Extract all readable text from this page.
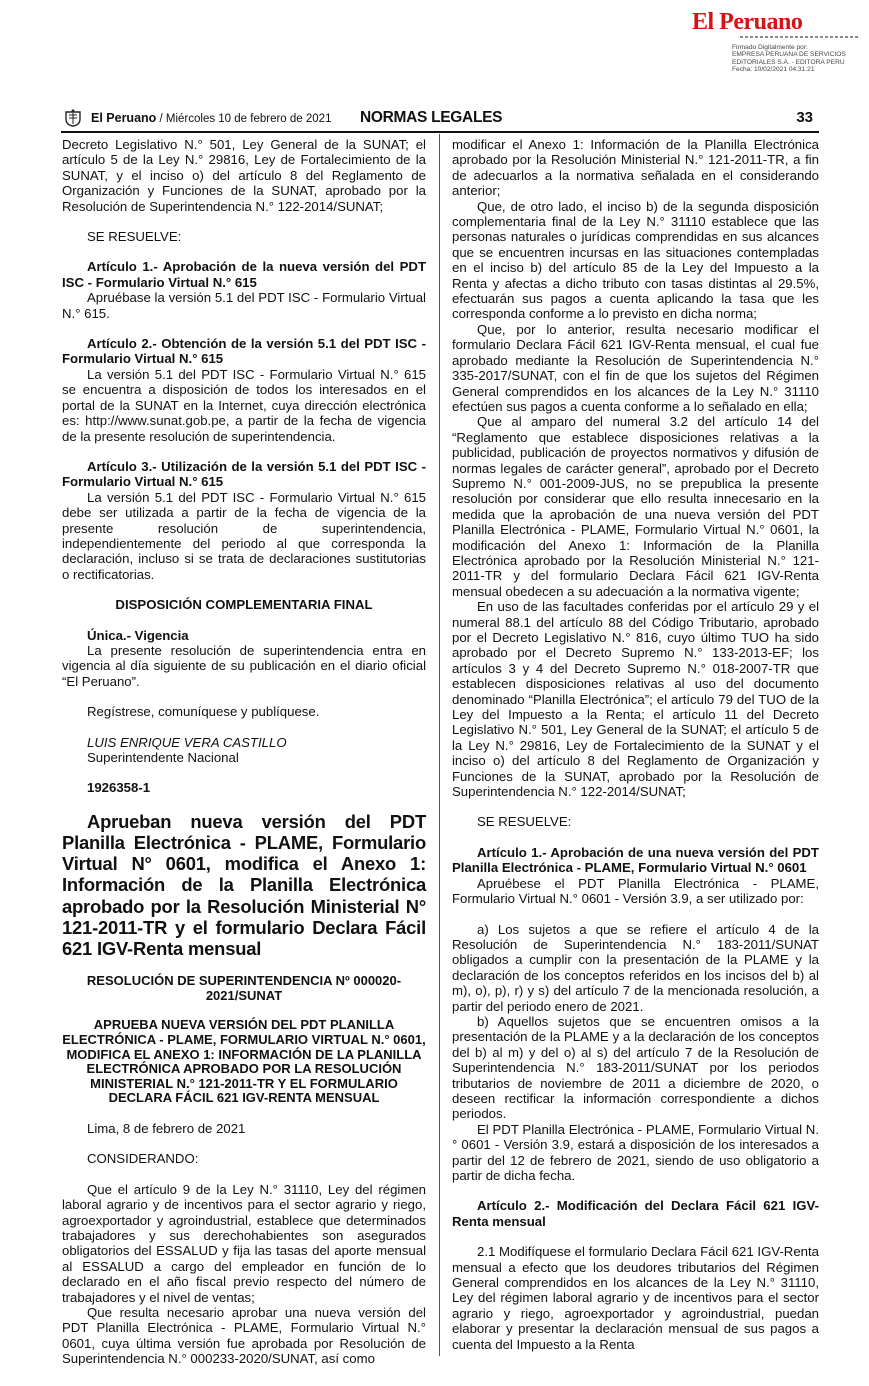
El Peruano
Firmado Digitalmente por:
EMPRESA PERUANA DE SERVICIOS
EDITORIALES S.A. - EDITORA PERU
Fecha: 10/02/2021 04:31:21
El Peruano / Miércoles 10 de febrero de 2021 NORMAS LEGALES	33

Decreto Legislativo N.° 501, Ley General de la SUNAT; el artículo 5 de la Ley N.° 29816, Ley de Fortalecimiento de la SUNAT, y el inciso o) del artículo 8 del Reglamento de Organización y Funciones de la SUNAT, aprobado por la Resolución de Superintendencia N.° 122-2014/SUNAT;

SE RESUELVE:

Artículo 1.- Aprobación de la nueva versión del PDT ISC - Formulario Virtual N.° 615

Apruébase la versión 5.1 del PDT ISC - Formulario Virtual N.° 615.

Artículo 2.- Obtención de la versión 5.1 del PDT ISC - Formulario Virtual N.° 615

La versión 5.1 del PDT ISC - Formulario Virtual N.° 615 se encuentra a disposición de todos los interesados en el portal de la SUNAT en la Internet, cuya dirección electrónica es: http://www.sunat.gob.pe, a partir de la fecha de vigencia de la presente resolución de superintendencia.

Artículo 3.- Utilización de la versión 5.1 del PDT ISC - Formulario Virtual N.° 615

La versión 5.1 del PDT ISC - Formulario Virtual N.° 615 debe ser utilizada a partir de la fecha de vigencia de la presente resolución de superintendencia, independientemente del periodo al que corresponda la declaración, incluso si se trata de declaraciones sustitutorias o rectificatorias.

DISPOSICIÓN COMPLEMENTARIA FINAL

Única.- Vigencia

La presente resolución de superintendencia entra en vigencia al día siguiente de su publicación en el diario oficial “El Peruano”.

Regístrese, comuníquese y publíquese.

LUIS ENRIQUE VERA CASTILLO

Superintendente Nacional

1926358-1

Aprueban nueva versión del PDT Planilla Electrónica - PLAME, Formulario Virtual N° 0601, modifica el Anexo 1: Información de la Planilla Electrónica aprobado por la Resolución Ministerial N° 121-2011-TR y el formulario Declara Fácil 621 IGV-Renta mensual

RESOLUCIÓN DE SUPERINTENDENCIA Nº 000020-2021/SUNAT

APRUEBA NUEVA VERSIÓN DEL PDT PLANILLA ELECTRÓNICA - PLAME, FORMULARIO VIRTUAL N.° 0601, MODIFICA EL ANEXO 1: INFORMACIÓN DE LA PLANILLA ELECTRÓNICA APROBADO POR LA RESOLUCIÓN MINISTERIAL N.° 121-2011-TR Y EL FORMULARIO DECLARA FÁCIL 621 IGV-RENTA MENSUAL

Lima, 8 de febrero de 2021

CONSIDERANDO:

Que el artículo 9 de la Ley N.° 31110, Ley del régimen laboral agrario y de incentivos para el sector agrario y riego, agroexportador y agroindustrial, establece que determinados trabajadores y sus derechohabientes son asegurados obligatorios del ESSALUD y fija las tasas del aporte mensual al ESSALUD a cargo del empleador en función de lo declarado en el año fiscal previo respecto del número de trabajadores y el nivel de ventas;

Que resulta necesario aprobar una nueva versión del PDT Planilla Electrónica - PLAME, Formulario Virtual N.° 0601, cuya última versión fue aprobada por Resolución de Superintendencia N.° 000233-2020/SUNAT, así como

modificar el Anexo 1: Información de la Planilla Electrónica aprobado por la Resolución Ministerial N.° 121-2011-TR, a fin de adecuarlos a la normativa señalada en el considerando anterior;

Que, de otro lado, el inciso b) de la segunda disposición complementaria final de la Ley N.° 31110 establece que las personas naturales o jurídicas comprendidas en sus alcances que se encuentren incursas en las situaciones contempladas en el inciso b) del artículo 85 de la Ley del Impuesto a la Renta y afectas a dicho tributo con tasas distintas al 29.5%, efectuarán sus pagos a cuenta aplicando la tasa que les corresponda conforme a lo previsto en dicha norma;

Que, por lo anterior, resulta necesario modificar el formulario Declara Fácil 621 IGV-Renta mensual, el cual fue aprobado mediante la Resolución de Superintendencia N.° 335-2017/SUNAT, con el fin de que los sujetos del Régimen General comprendidos en los alcances de la Ley N.° 31110 efectúen sus pagos a cuenta conforme a lo señalado en ella;

Que al amparo del numeral 3.2 del artículo 14 del “Reglamento que establece disposiciones relativas a la publicidad, publicación de proyectos normativos y difusión de normas legales de carácter general”, aprobado por el Decreto Supremo N.° 001-2009-JUS, no se prepublica la presente resolución por considerar que ello resulta innecesario en la medida que la aprobación de una nueva versión del PDT Planilla Electrónica - PLAME, Formulario Virtual N.° 0601, la modificación del Anexo 1: Información de la Planilla Electrónica aprobado por la Resolución Ministerial N.° 121-2011-TR y del formulario Declara Fácil 621 IGV-Renta mensual obedecen a su adecuación a la normativa vigente;

En uso de las facultades conferidas por el artículo 29 y el numeral 88.1 del artículo 88 del Código Tributario, aprobado por el Decreto Legislativo N.° 816, cuyo último TUO ha sido aprobado por el Decreto Supremo N.° 133-2013-EF; los artículos 3 y 4 del Decreto Supremo N.° 018-2007-TR que establecen disposiciones relativas al uso del documento denominado “Planilla Electrónica”; el artículo 79 del TUO de la Ley del Impuesto a la Renta; el artículo 11 del Decreto Legislativo N.° 501, Ley General de la SUNAT; el artículo 5 de la Ley N.° 29816, Ley de Fortalecimiento de la SUNAT y el inciso o) del artículo 8 del Reglamento de Organización y Funciones de la SUNAT, aprobado por la Resolución de Superintendencia N.° 122-2014/SUNAT;

SE RESUELVE:

Artículo 1.- Aprobación de una nueva versión del PDT Planilla Electrónica - PLAME, Formulario Virtual N.° 0601

Apruébese el PDT Planilla Electrónica - PLAME, Formulario Virtual N.° 0601 - Versión 3.9, a ser utilizado por:

a) Los sujetos a que se refiere el artículo 4 de la Resolución de Superintendencia N.° 183-2011/SUNAT obligados a cumplir con la presentación de la PLAME y la declaración de los conceptos referidos en los incisos del b) al m), o), p), r) y s) del artículo 7 de la mencionada resolución, a partir del periodo enero de 2021.

b) Aquellos sujetos que se encuentren omisos a la presentación de la PLAME y a la declaración de los conceptos del b) al m) y del o) al s) del artículo 7 de la Resolución de Superintendencia N.° 183-2011/SUNAT por los periodos tributarios de noviembre de 2011 a diciembre de 2020, o deseen rectificar la información correspondiente a dichos periodos.

El PDT Planilla Electrónica - PLAME, Formulario Virtual N.° 0601 - Versión 3.9, estará a disposición de los interesados a partir del 12 de febrero de 2021, siendo de uso obligatorio a partir de dicha fecha.

Artículo 2.- Modificación del Declara Fácil 621 IGV-Renta mensual

2.1 Modifíquese el formulario Declara Fácil 621 IGV-Renta mensual a efecto que los deudores tributarios del Régimen General comprendidos en los alcances de la Ley N.° 31110, Ley del régimen laboral agrario y de incentivos para el sector agrario y riego, agroexportador y agroindustrial, puedan elaborar y presentar la declaración mensual de sus pagos a cuenta del Impuesto a la Renta
